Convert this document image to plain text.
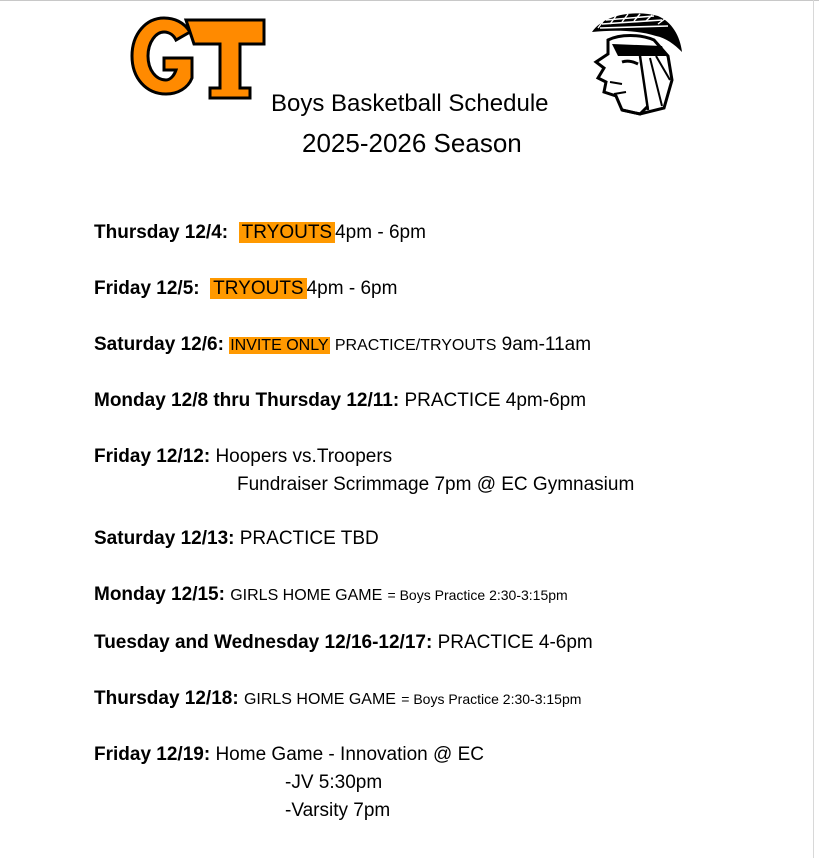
Boys Basketball Schedule
2025-2026 Season
Thursday 12/4: TRYOUTS 4pm - 6pm
Friday 12/5: TRYOUTS 4pm - 6pm
Saturday 12/6: INVITE ONLY PRACTICE/TRYOUTS 9am-11am
Monday 12/8 thru Thursday 12/11: PRACTICE 4pm-6pm
Friday 12/12: Hoopers vs.Troopers
Fundraiser Scrimmage 7pm @ EC Gymnasium
Saturday 12/13: PRACTICE TBD
Monday 12/15: GIRLS HOME GAME = Boys Practice 2:30-3:15pm
Tuesday and Wednesday 12/16-12/17: PRACTICE 4-6pm
Thursday 12/18: GIRLS HOME GAME = Boys Practice 2:30-3:15pm
Friday 12/19: Home Game - Innovation @ EC
-JV 5:30pm
-Varsity 7pm
